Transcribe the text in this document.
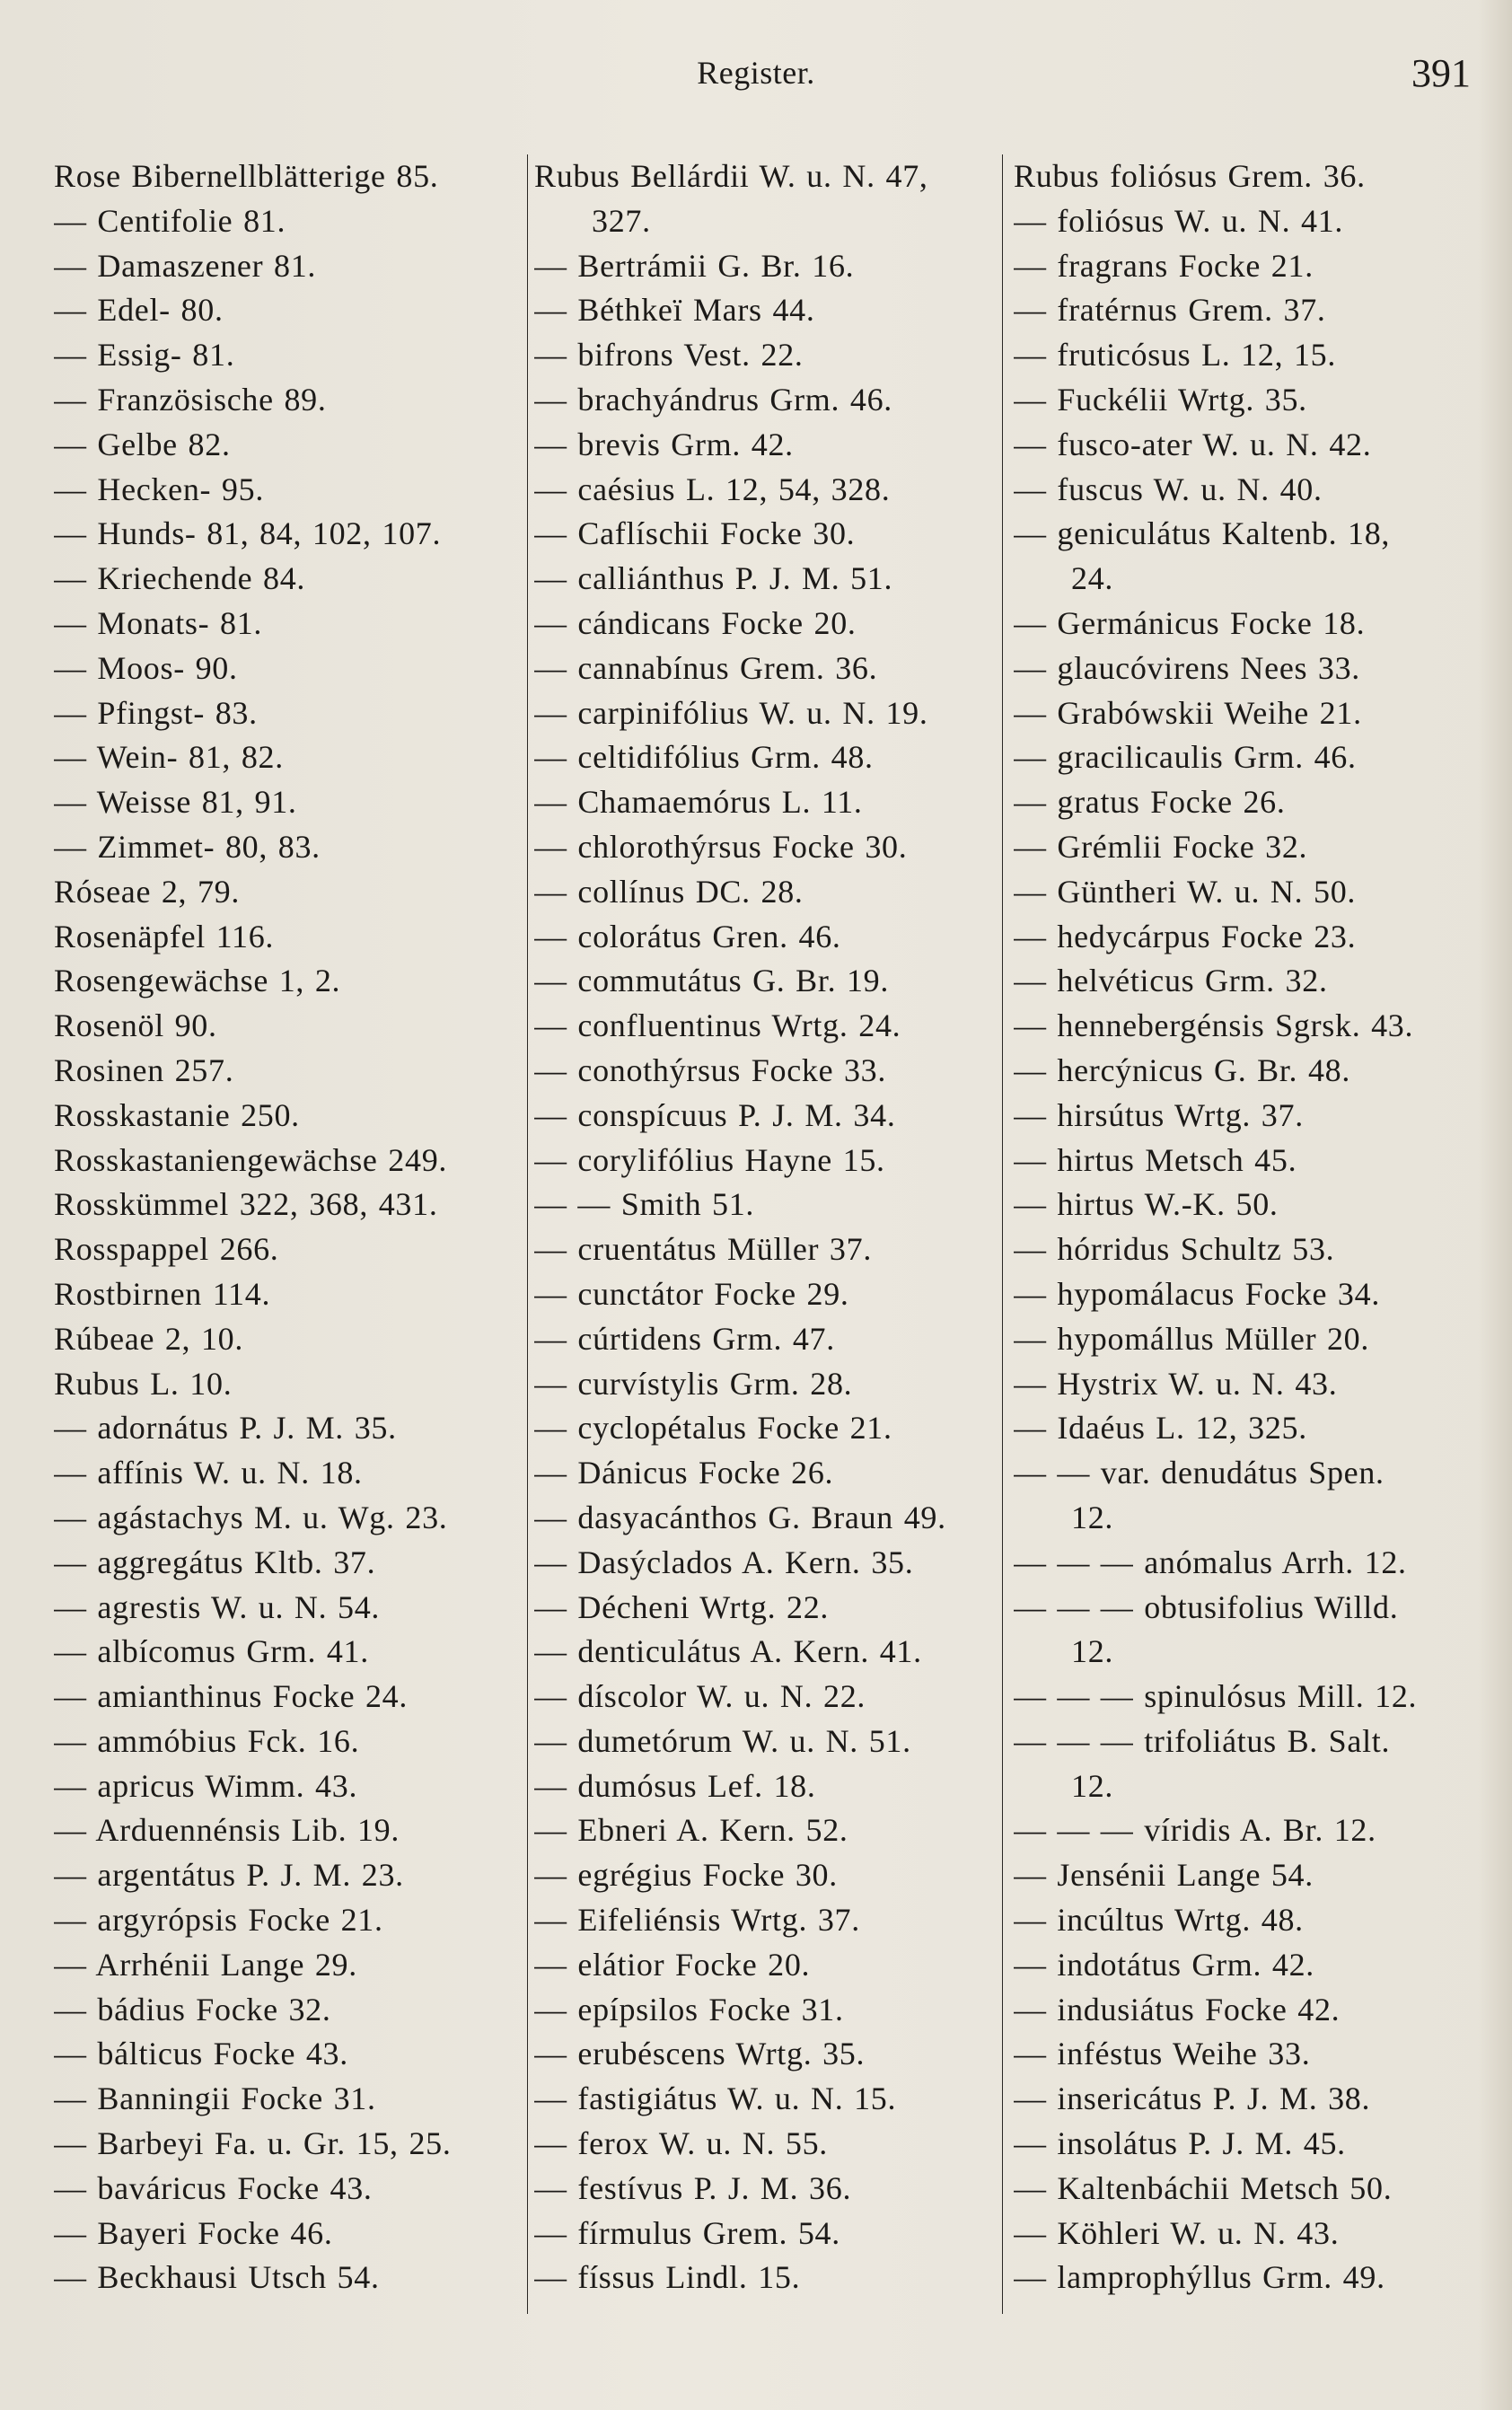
Register.	391
Rose Bibernellblätterige 85.
— Centifolie 81.
— Damaszener 81.
— Edel- 80.
— Essig- 81.
— Französische 89.
— Gelbe 82.
— Hecken- 95.
— Hunds- 81, 84, 102, 107.
— Kriechende 84.
— Monats- 81.
— Moos- 90.
— Pfingst- 83.
— Wein- 81, 82.
— Weisse 81, 91.
— Zimmet- 80, 83.
Róseae 2, 79.
Rosenäpfel 116.
Rosengewächse 1, 2.
Rosenöl 90.
Rosinen 257.
Rosskastanie 250.
Rosskastaniengewächse 249.
Rosskümmel 322, 368, 431.
Rosspappel 266.
Rostbirnen 114.
Rúbeae 2, 10.
Rubus L. 10.
— adornátus P. J. M. 35.
— affínis W. u. N. 18.
— agástachys M. u. Wg. 23.
— aggregátus Kltb. 37.
— agrestis W. u. N. 54.
— albícomus Grm. 41.
— amianthinus Focke 24.
— ammóbius Fck. 16.
— apricus Wimm. 43.
— Arduennénsis Lib. 19.
— argentátus P. J. M. 23.
— argyrópsis Focke 21.
— Arrhénii Lange 29.
— bádius Focke 32.
— bálticus Focke 43.
— Banningii Focke 31.
— Barbeyi Fa. u. Gr. 15, 25.
— baváricus Focke 43.
— Bayeri Focke 46.
— Beckhausi Utsch 54.
Rubus Bellárdii W. u. N. 47,
327.
— Bertrámii G. Br. 16.
— Béthkeï Mars 44.
— bifrons Vest. 22.
— brachyándrus Grm. 46.
— brevis Grm. 42.
— caésius L. 12, 54, 328.
— Caflíschii Focke 30.
— calliánthus P. J. M. 51.
— cándicans Focke 20.
— cannabínus Grem. 36.
— carpinifólius W. u. N. 19.
— celtidifólius Grm. 48.
— Chamaemórus L. 11.
— chlorothýrsus Focke 30.
— collínus DC. 28.
— colorátus Gren. 46.
— commutátus G. Br. 19.
— confluentinus Wrtg. 24.
— conothýrsus Focke 33.
— conspícuus P. J. M. 34.
— corylifólius Hayne 15.
— — Smith 51.
— cruentátus Müller 37.
— cunctátor Focke 29.
— cúrtidens Grm. 47.
— curvístylis Grm. 28.
— cyclopétalus Focke 21.
— Dánicus Focke 26.
— dasyacánthos G. Braun 49.
— Dasýclados A. Kern. 35.
— Décheni Wrtg. 22.
— denticulátus A. Kern. 41.
— díscolor W. u. N. 22.
— dumetórum W. u. N. 51.
— dumósus Lef. 18.
— Ebneri A. Kern. 52.
— egrégius Focke 30.
— Eifeliénsis Wrtg. 37.
— elátior Focke 20.
— epípsilos Focke 31.
— erubéscens Wrtg. 35.
— fastigiátus W. u. N. 15.
— ferox W. u. N. 55.
— festívus P. J. M. 36.
— fírmulus Grem. 54.
— físsus Lindl. 15.
Rubus foliósus Grem. 36.
— foliósus W. u. N. 41.
— fragrans Focke 21.
— fratérnus Grem. 37.
— fruticósus L. 12, 15.
— Fuckélii Wrtg. 35.
— fusco-ater W. u. N. 42.
— fuscus W. u. N. 40.
— geniculátus Kaltenb. 18,
24.
— Germánicus Focke 18.
— glaucóvirens Nees 33.
— Grabówskii Weihe 21.
— gracilicaulis Grm. 46.
— gratus Focke 26.
— Grémlii Focke 32.
— Güntheri W. u. N. 50.
— hedycárpus Focke 23.
— helvéticus Grm. 32.
— hennebergénsis Sgrsk. 43.
— hercýnicus G. Br. 48.
— hirsútus Wrtg. 37.
— hirtus Metsch 45.
— hirtus W.-K. 50.
— hórridus Schultz 53.
— hypomálacus Focke 34.
— hypomállus Müller 20.
— Hystrix W. u. N. 43.
— Idaéus L. 12, 325.
— — var. denudátus Spen.
12.
— — — anómalus Arrh. 12.
— — — obtusifolius Willd.
12.
— — — spinulósus Mill. 12.
— — — trifoliátus B. Salt.
12.
— — — víridis A. Br. 12.
— Jensénii Lange 54.
— incúltus Wrtg. 48.
— indotátus Grm. 42.
— indusiátus Focke 42.
— inféstus Weihe 33.
— insericátus P. J. M. 38.
— insolátus P. J. M. 45.
— Kaltenbáchii Metsch 50.
— Köhleri W. u. N. 43.
— lamprophýllus Grm. 49.
